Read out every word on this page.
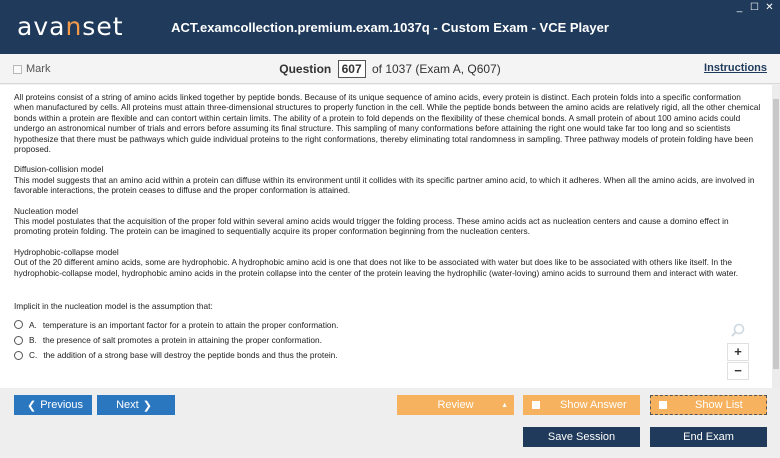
avanset	ACT.examcollection.premium.exam.1037q - Custom Exam - VCE Player
_ ☐ ✕
Mark	Question 607 of 1037 (Exam A, Q607)	Instructions
All proteins consist of a string of amino acids linked together by peptide bonds. Because of its unique sequence of amino acids, every protein is distinct. Each protein folds into a specific conformation when manufactured by cells. All proteins must attain three-dimensional structures to properly function in the cell. While the peptide bonds between the amino acids are relatively rigid, all the other chemical bonds within a protein are flexible and can contort within certain limits. The ability of a protein to fold depends on the flexibility of these chemical bonds. A small protein of about 100 amino acids could undergo an astronomical number of trials and errors before assuming its final structure. This sampling of many conformations before attaining the right one would take far too long and so scientists hypothesize that there must be pathways which guide individual proteins to the right conformations, thereby eliminating total randomness in sampling. Three pathway models of protein folding have been proposed.
Diffusion-collision model
This model suggests that an amino acid within a protein can diffuse within its environment until it collides with its specific partner amino acid, to which it adheres. When all the amino acids, are involved in favorable interactions, the protein ceases to diffuse and the proper conformation is attained.
Nucleation model
This model postulates that the acquisition of the proper fold within several amino acids would trigger the folding process. These amino acids act as nucleation centers and cause a domino effect in promoting protein folding. The protein can be imagined to sequentially acquire its proper conformation beginning from the nucleation centers.
Hydrophobic-collapse model
Out of the 20 different amino acids, some are hydrophobic. A hydrophobic amino acid is one that does not like to be associated with water but does like to be associated with others like itself. In the hydrophobic-collapse model, hydrophobic amino acids in the protein collapse into the center of the protein leaving the hydrophilic (water-loving) amino acids to surround them and interact with water.
Implicit in the nucleation model is the assumption that:
A. temperature is an important factor for a protein to attain the proper conformation.
B. the presence of salt promotes a protein in attaining the proper conformation.
C. the addition of a strong base will destroy the peptide bonds and thus the protein.	+
−
❮ Previous	Next ❯	Review	▲	Show Answer	Show List
Save Session	End Exam
